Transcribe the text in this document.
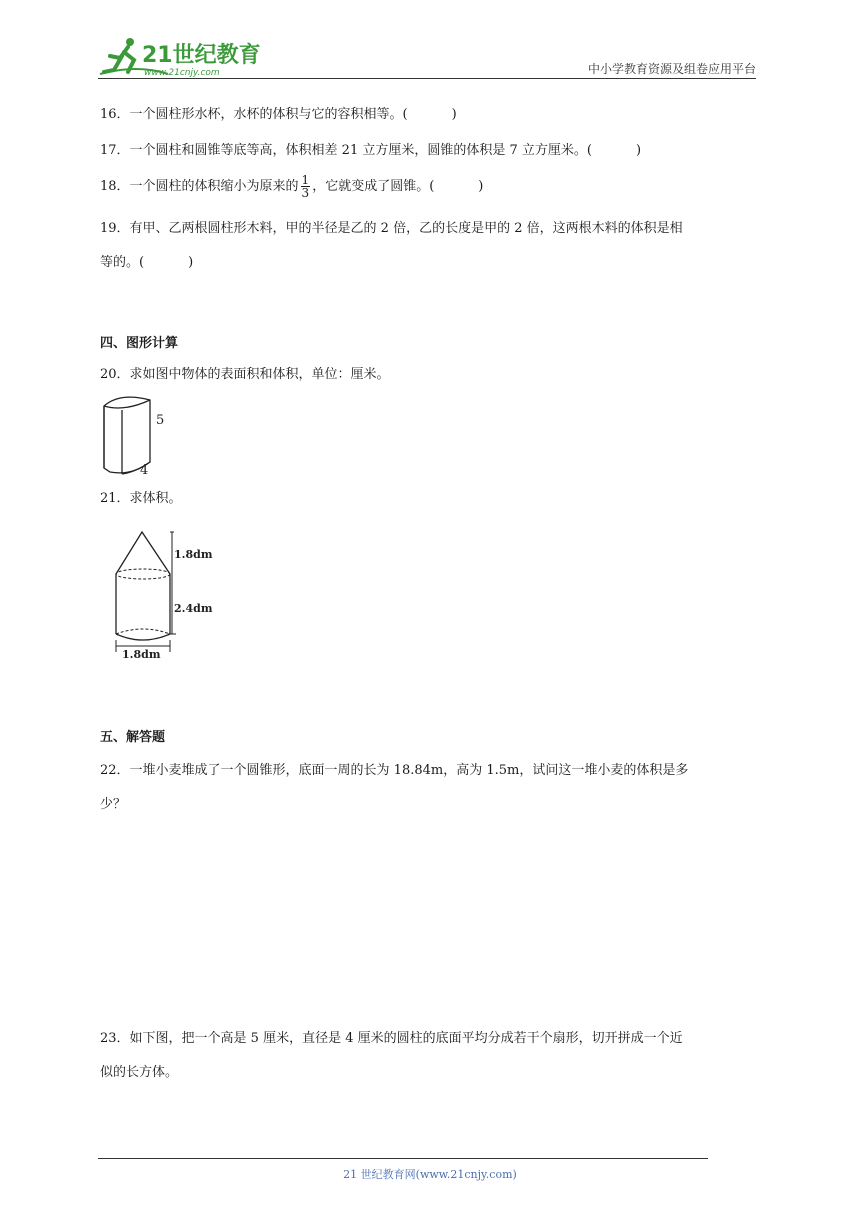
21世纪教育
www.21cnjy.com	中小学教育资源及组卷应用平台
16．一个圆柱形水杯，水杯的体积与它的容积相等。(	)
17．一个圆柱和圆锥等底等高，体积相差 21 立方厘米，圆锥的体积是 7 立方厘米。(	)
18．一个圆柱的体积缩小为原来的 $\frac{1}{3}$ ，它就变成了圆锥。(	)
19．有甲、乙两根圆柱形木料，甲的半径是乙的 2 倍，乙的长度是甲的 2 倍，这两根木料的体积是相
等的。(	)
四、图形计算
20．求如图中物体的表面积和体积，单位：厘米。
5
4
21．求体积。
1.8dm
2.4dm
1.8dm
五、解答题
22．一堆小麦堆成了一个圆锥形，底面一周的长为 18.84m，高为 1.5m，试问这一堆小麦的体积是多
少？
23．如下图，把一个高是 5 厘米，直径是 4 厘米的圆柱的底面平均分成若干个扇形，切开拼成一个近
似的长方体。
21 世纪教育网(www.21cnjy.com)
